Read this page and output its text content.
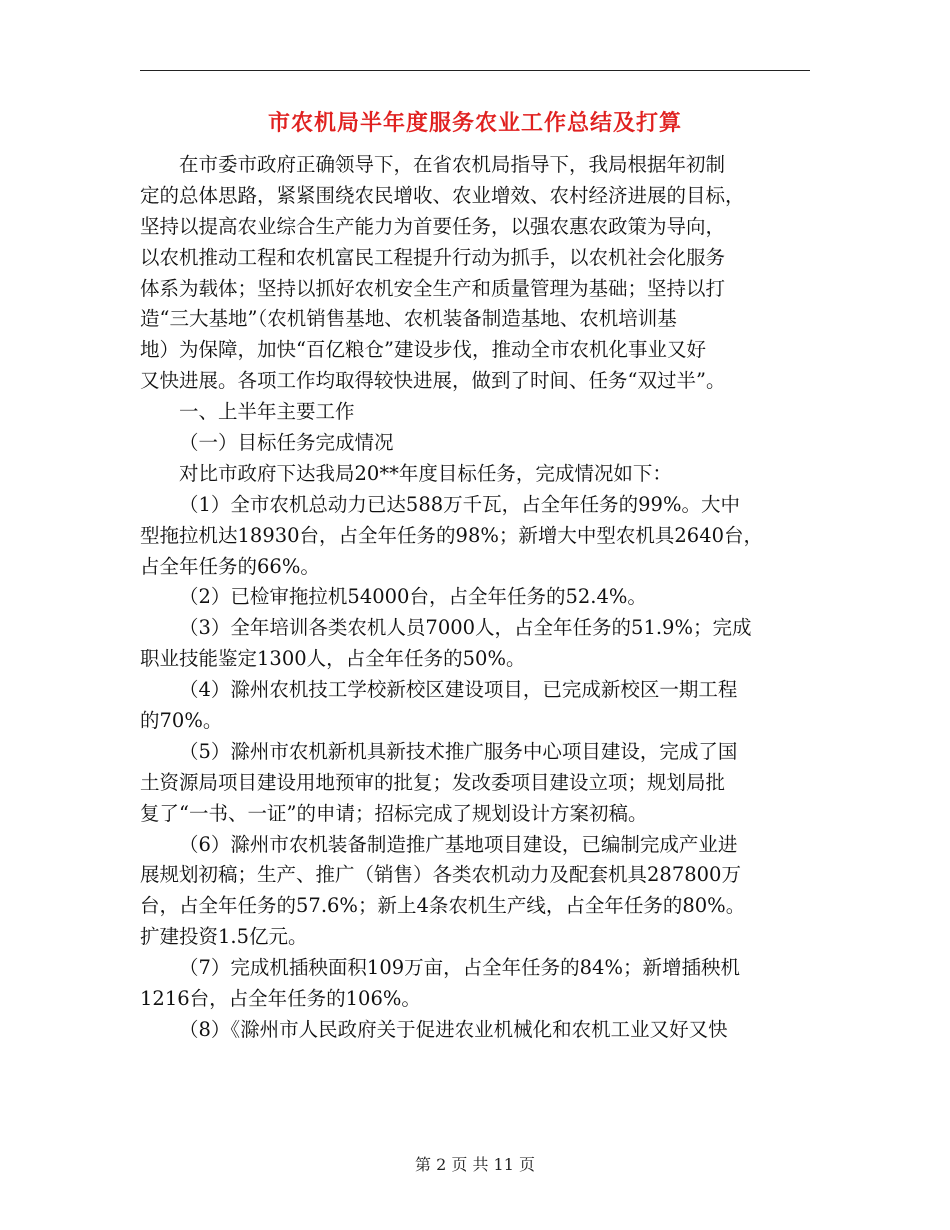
市农机局半年度服务农业工作总结及打算
在市委市政府正确领导下，在省农机局指导下，我局根据年初制
定的总体思路，紧紧围绕农民增收、农业增效、农村经济进展的目标，
坚持以提高农业综合生产能力为首要任务，以强农惠农政策为导向，
以农机推动工程和农机富民工程提升行动为抓手，以农机社会化服务
体系为载体；坚持以抓好农机安全生产和质量管理为基础；坚持以打
造“三大基地”（农机销售基地、农机装备制造基地、农机培训基
地）为保障，加快“百亿粮仓”建设步伐，推动全市农机化事业又好
又快进展。各项工作均取得较快进展，做到了时间、任务“双过半”。
一、上半年主要工作
（一）目标任务完成情况
对比市政府下达我局20**年度目标任务，完成情况如下：
（1）全市农机总动力已达588万千瓦，占全年任务的99%。大中
型拖拉机达18930台，占全年任务的98%；新增大中型农机具2640台，
占全年任务的66%。
（2）已检审拖拉机54000台，占全年任务的52.4%。
（3）全年培训各类农机人员7000人，占全年任务的51.9%；完成
职业技能鉴定1300人，占全年任务的50%。
（4）滁州农机技工学校新校区建设项目，已完成新校区一期工程
的70%。
（5）滁州市农机新机具新技术推广服务中心项目建设，完成了国
土资源局项目建设用地预审的批复；发改委项目建设立项；规划局批
复了“一书、一证”的申请；招标完成了规划设计方案初稿。
（6）滁州市农机装备制造推广基地项目建设，已编制完成产业进
展规划初稿；生产、推广（销售）各类农机动力及配套机具287800万
台，占全年任务的57.6%；新上4条农机生产线，占全年任务的80%。
扩建投资1.5亿元。
（7）完成机插秧面积109万亩，占全年任务的84%；新增插秧机
1216台，占全年任务的106%。
（8）《滁州市人民政府关于促进农业机械化和农机工业又好又快
第 2 页 共 11 页
